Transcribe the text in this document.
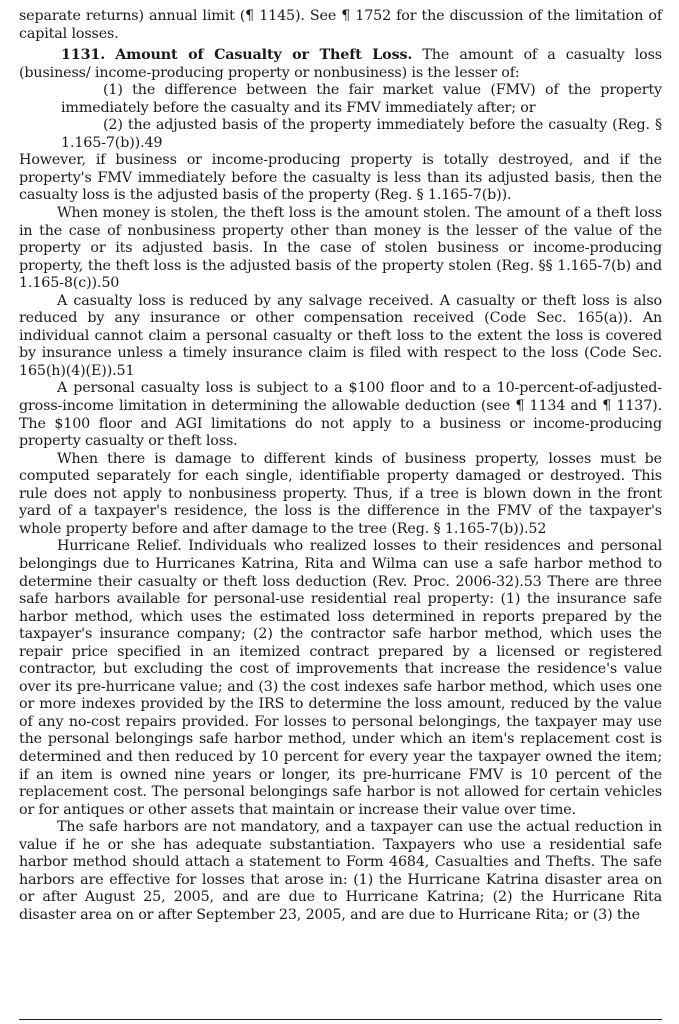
separate returns) annual limit (¶ 1145). See ¶ 1752 for the discussion of the limitation of capital losses.

1131. Amount of Casualty or Theft Loss. The amount of a casualty loss (business/ income-producing property or nonbusiness) is the lesser of:

(1) the difference between the fair market value (FMV) of the property immediately before the casualty and its FMV immediately after; or

(2) the adjusted basis of the property immediately before the casualty (Reg. § 1.165-7(b)).49

However, if business or income-producing property is totally destroyed, and if the property's FMV immediately before the casualty is less than its adjusted basis, then the casualty loss is the adjusted basis of the property (Reg. § 1.165-7(b)).

When money is stolen, the theft loss is the amount stolen. The amount of a theft loss in the case of nonbusiness property other than money is the lesser of the value of the property or its adjusted basis. In the case of stolen business or income-producing property, the theft loss is the adjusted basis of the property stolen (Reg. §§ 1.165-7(b) and 1.165-8(c)).50

A casualty loss is reduced by any salvage received. A casualty or theft loss is also reduced by any insurance or other compensation received (Code Sec. 165(a)). An individual cannot claim a personal casualty or theft loss to the extent the loss is covered by insurance unless a timely insurance claim is filed with respect to the loss (Code Sec. 165(h)(4)(E)).51

A personal casualty loss is subject to a $100 floor and to a 10-percent-of-adjusted-gross-income limitation in determining the allowable deduction (see ¶ 1134 and ¶ 1137). The $100 floor and AGI limitations do not apply to a business or income-producing property casualty or theft loss.

When there is damage to different kinds of business property, losses must be computed separately for each single, identifiable property damaged or destroyed. This rule does not apply to nonbusiness property. Thus, if a tree is blown down in the front yard of a taxpayer's residence, the loss is the difference in the FMV of the taxpayer's whole property before and after damage to the tree (Reg. § 1.165-7(b)).52

Hurricane Relief. Individuals who realized losses to their residences and personal belongings due to Hurricanes Katrina, Rita and Wilma can use a safe harbor method to determine their casualty or theft loss deduction (Rev. Proc. 2006-32).53 There are three safe harbors available for personal-use residential real property: (1) the insurance safe harbor method, which uses the estimated loss determined in reports prepared by the taxpayer's insurance company; (2) the contractor safe harbor method, which uses the repair price specified in an itemized contract prepared by a licensed or registered contractor, but excluding the cost of improvements that increase the residence's value over its pre-hurricane value; and (3) the cost indexes safe harbor method, which uses one or more indexes provided by the IRS to determine the loss amount, reduced by the value of any no-cost repairs provided. For losses to personal belongings, the taxpayer may use the personal belongings safe harbor method, under which an item's replacement cost is determined and then reduced by 10 percent for every year the taxpayer owned the item; if an item is owned nine years or longer, its pre-hurricane FMV is 10 percent of the replacement cost. The personal belongings safe harbor is not allowed for certain vehicles or for antiques or other assets that maintain or increase their value over time.

The safe harbors are not mandatory, and a taxpayer can use the actual reduction in value if he or she has adequate substantiation. Taxpayers who use a residential safe harbor method should attach a statement to Form 4684, Casualties and Thefts. The safe harbors are effective for losses that arose in: (1) the Hurricane Katrina disaster area on or after August 25, 2005, and are due to Hurricane Katrina; (2) the Hurricane Rita disaster area on or after September 23, 2005, and are due to Hurricane Rita; or (3) the
